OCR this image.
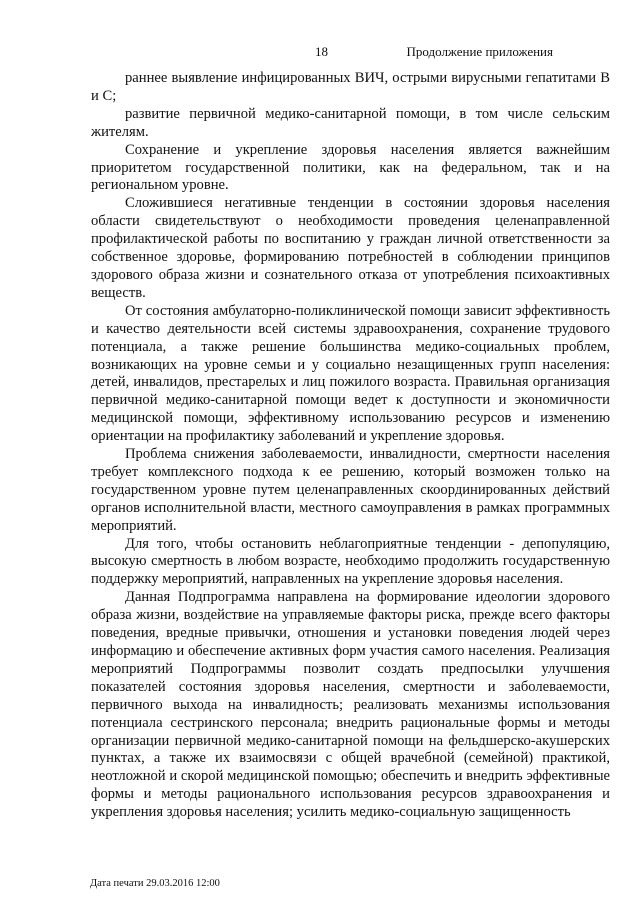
18	Продолжение приложения

раннее выявление инфицированных ВИЧ, острыми вирусными гепатитами В и С;

развитие первичной медико-санитарной помощи, в том числе сельским жителям.

Сохранение и укрепление здоровья населения является важнейшим приоритетом государственной политики, как на федеральном, так и на региональном уровне.

Сложившиеся негативные тенденции в состоянии здоровья населения области свидетельствуют о необходимости проведения целенаправленной профилактической работы по воспитанию у граждан личной ответственности за собственное здоровье, формированию потребностей в соблюдении принципов здорового образа жизни и сознательного отказа от употребления психоактивных веществ.

От состояния амбулаторно-поликлинической помощи зависит эффективность и качество деятельности всей системы здравоохранения, сохранение трудового потенциала, а также решение большинства медико-социальных проблем, возникающих на уровне семьи и у социально незащищенных групп населения: детей, инвалидов, престарелых и лиц пожилого возраста. Правильная организация первичной медико-санитарной помощи ведет к доступности и экономичности медицинской помощи, эффективному использованию ресурсов и изменению ориентации на профилактику заболеваний и укрепление здоровья.

Проблема снижения заболеваемости, инвалидности, смертности населения требует комплексного подхода к ее решению, который возможен только на государственном уровне путем целенаправленных скоординированных действий органов исполнительной власти, местного самоуправления в рамках программных мероприятий.

Для того, чтобы остановить неблагоприятные тенденции - депопуляцию, высокую смертность в любом возрасте, необходимо продолжить государственную поддержку мероприятий, направленных на укрепление здоровья населения.

Данная Подпрограмма направлена на формирование идеологии здорового образа жизни, воздействие на управляемые факторы риска, прежде всего факторы поведения, вредные привычки, отношения и установки поведения людей через информацию и обеспечение активных форм участия самого населения. Реализация мероприятий Подпрограммы позволит создать предпосылки улучшения показателей состояния здоровья населения, смертности и заболеваемости, первичного выхода на инвалидность; реализовать механизмы использования потенциала сестринского персонала; внедрить рациональные формы и методы организации первичной медико-санитарной помощи на фельдшерско-акушерских пунктах, а также их взаимосвязи с общей врачебной (семейной) практикой, неотложной и скорой медицинской помощью; обеспечить и внедрить эффективные формы и методы рационального использования ресурсов здравоохранения и укрепления здоровья населения; усилить медико-социальную защищенность

Дата печати 29.03.2016 12:00
